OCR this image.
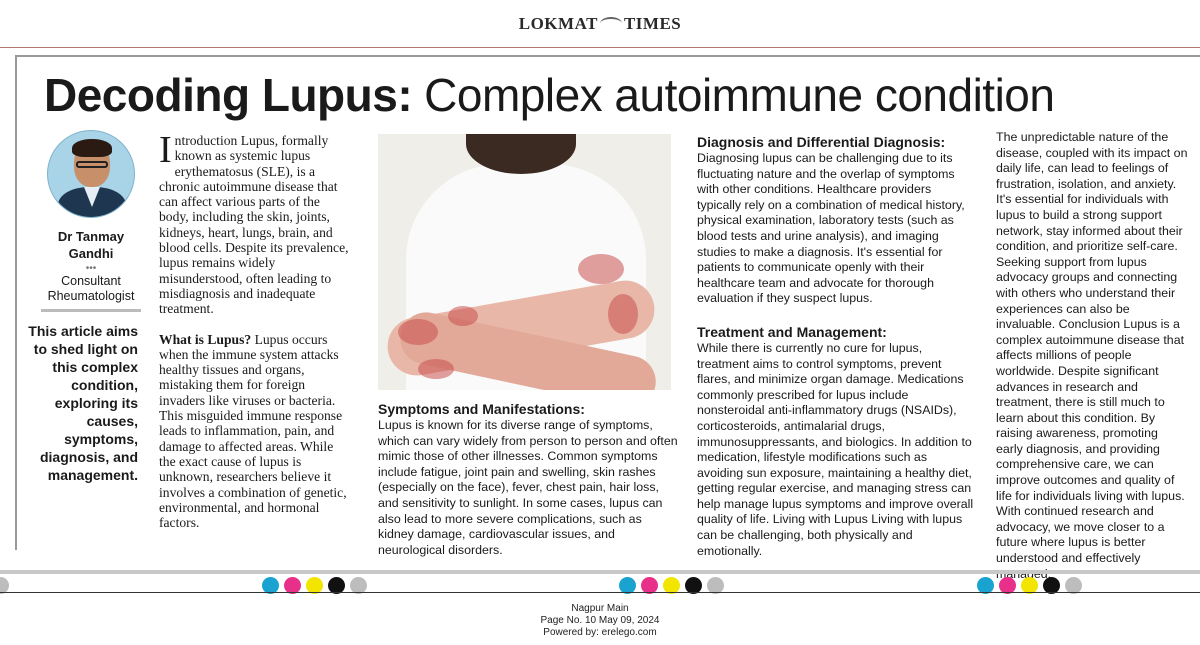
LOKMAT TIMES
Decoding Lupus: Complex autoimmune condition
Dr Tanmay Gandhi
•••
Consultant Rheumatologist
This article aims to shed light on this complex condition, exploring its causes, symptoms, diagnosis, and management.

Introduction Lupus, formally known as systemic lupus erythematosus (SLE), is a chronic autoimmune disease that can affect various parts of the body, including the skin, joints, kidneys, heart, lungs, brain, and blood cells. Despite its prevalence, lupus remains widely misunderstood, often leading to misdiagnosis and inadequate treatment.

What is Lupus? Lupus occurs when the immune system attacks healthy tissues and organs, mistaking them for foreign invaders like viruses or bacteria. This misguided immune response leads to inflammation, pain, and damage to affected areas. While the exact cause of lupus is unknown, researchers believe it involves a combination of genetic, environmental, and hormonal factors.

Symptoms and Manifestations:

Lupus is known for its diverse range of symptoms, which can vary widely from person to person and often mimic those of other illnesses. Common symptoms include fatigue, joint pain and swelling, skin rashes (especially on the face), fever, chest pain, hair loss, and sensitivity to sunlight. In some cases, lupus can also lead to more severe complications, such as kidney damage, cardiovascular issues, and neurological disorders.

Diagnosis and Differential Diagnosis:

Diagnosing lupus can be challenging due to its fluctuating nature and the overlap of symptoms with other conditions. Healthcare providers typically rely on a combination of medical history, physical examination, laboratory tests (such as blood tests and urine analysis), and imaging studies to make a diagnosis. It's essential for patients to communicate openly with their healthcare team and advocate for thorough evaluation if they suspect lupus.

Treatment and Management:

While there is currently no cure for lupus, treatment aims to control symptoms, prevent flares, and minimize organ damage. Medications commonly prescribed for lupus include nonsteroidal anti-inflammatory drugs (NSAIDs), corticosteroids, antimalarial drugs, immunosuppressants, and biologics. In addition to medication, lifestyle modifications such as avoiding sun exposure, maintaining a healthy diet, getting regular exercise, and managing stress can help manage lupus symptoms and improve overall quality of life. Living with Lupus Living with lupus can be challenging, both physically and emotionally.

The unpredictable nature of the disease, coupled with its impact on daily life, can lead to feelings of frustration, isolation, and anxiety. It's essential for individuals with lupus to build a strong support network, stay informed about their condition, and prioritize self-care. Seeking support from lupus advocacy groups and connecting with others who understand their experiences can also be invaluable. Conclusion Lupus is a complex autoimmune disease that affects millions of people worldwide. Despite significant advances in research and treatment, there is still much to learn about this condition. By raising awareness, promoting early diagnosis, and providing comprehensive care, we can improve outcomes and quality of life for individuals living with lupus. With continued research and advocacy, we move closer to a future where lupus is better understood and effectively

Nagpur Main
Page No. 10 May 09, 2024
Powered by: erelego.com
